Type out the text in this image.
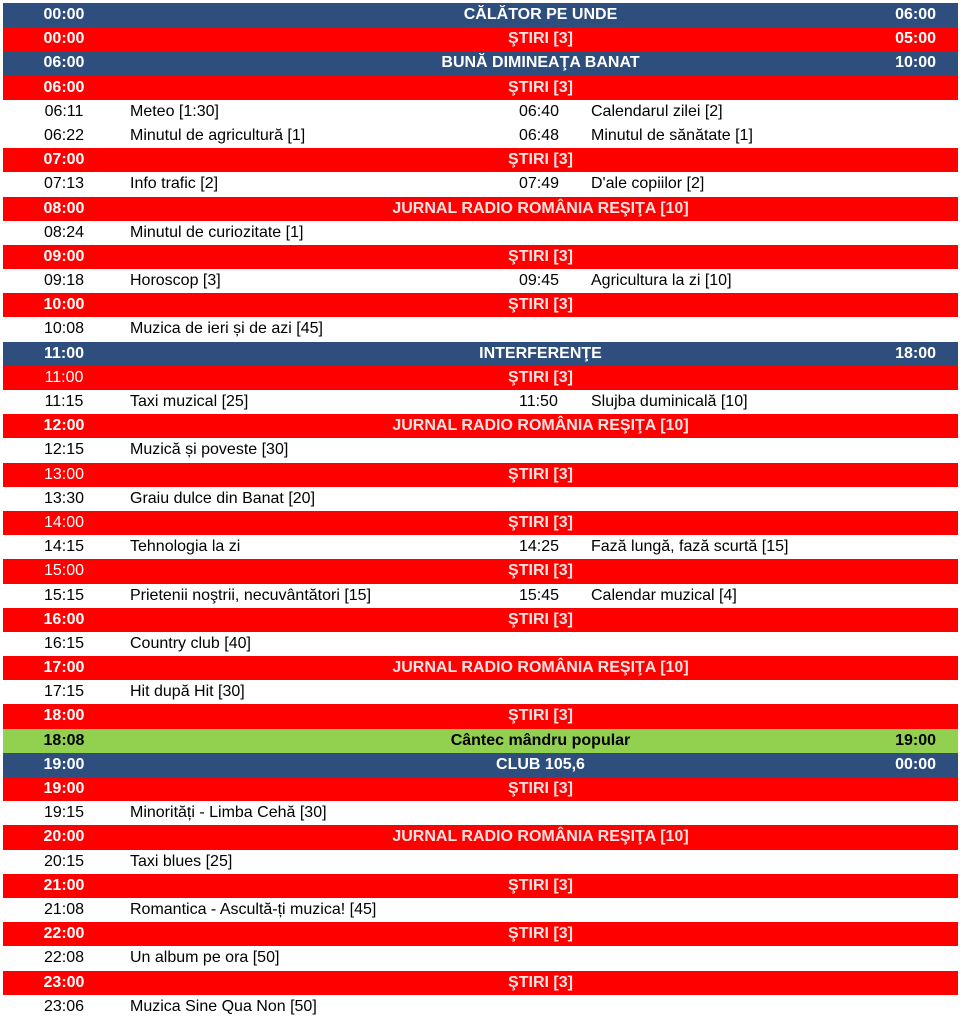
00:00	CĂLĂTOR PE UNDE	06:00
00:00	ŞTIRI [3]	05:00
06:00	BUNĂ DIMINEAŢA BANAT	10:00
06:00	ŞTIRI [3]
06:11	Meteo [1:30]	06:40 Calendarul zilei [2]
06:22	Minutul de agricultură [1]	06:48 Minutul de sănătate [1]
07:00	ŞTIRI [3]
07:13	Info trafic [2]	07:49 D'ale copiilor [2]
08:00	JURNAL RADIO ROMÂNIA REŞIŢA [10]
08:24	Minutul de curiozitate [1]
09:00	ŞTIRI [3]
09:18	Horoscop [3]	09:45 Agricultura la zi [10]
10:00	ŞTIRI [3]
10:08	Muzica de ieri și de azi [45]
11:00	INTERFERENŢE	18:00
11:00	ŞTIRI [3]
11:15	Taxi muzical [25]	11:50 Slujba duminicală [10]
12:00	JURNAL RADIO ROMÂNIA REŞIŢA [10]
12:15	Muzică și poveste [30]
13:00	ŞTIRI [3]
13:30	Graiu dulce din Banat [20]
14:00	ŞTIRI [3]
14:15	Tehnologia la zi	14:25 Fază lungă, fază scurtă [15]
15:00	ŞTIRI [3]
15:15	Prietenii noştrii, necuvântători [15]	15:45 Calendar muzical [4]
16:00	ŞTIRI [3]
16:15	Country club [40]
17:00	JURNAL RADIO ROMÂNIA REŞIŢA [10]
17:15	Hit după Hit [30]
18:00	ŞTIRI [3]
18:08	Cântec mândru popular	19:00
19:00	CLUB 105,6	00:00
19:00	ŞTIRI [3]
19:15	Minorități - Limba Cehă [30]
20:00	JURNAL RADIO ROMÂNIA REŞIŢA [10]
20:15	Taxi blues [25]
21:00	ŞTIRI [3]
21:08	Romantica - Ascultă-ți muzica! [45]
22:00	ŞTIRI [3]
22:08	Un album pe ora [50]
23:00	ŞTIRI [3]
23:06	Muzica Sine Qua Non [50]
